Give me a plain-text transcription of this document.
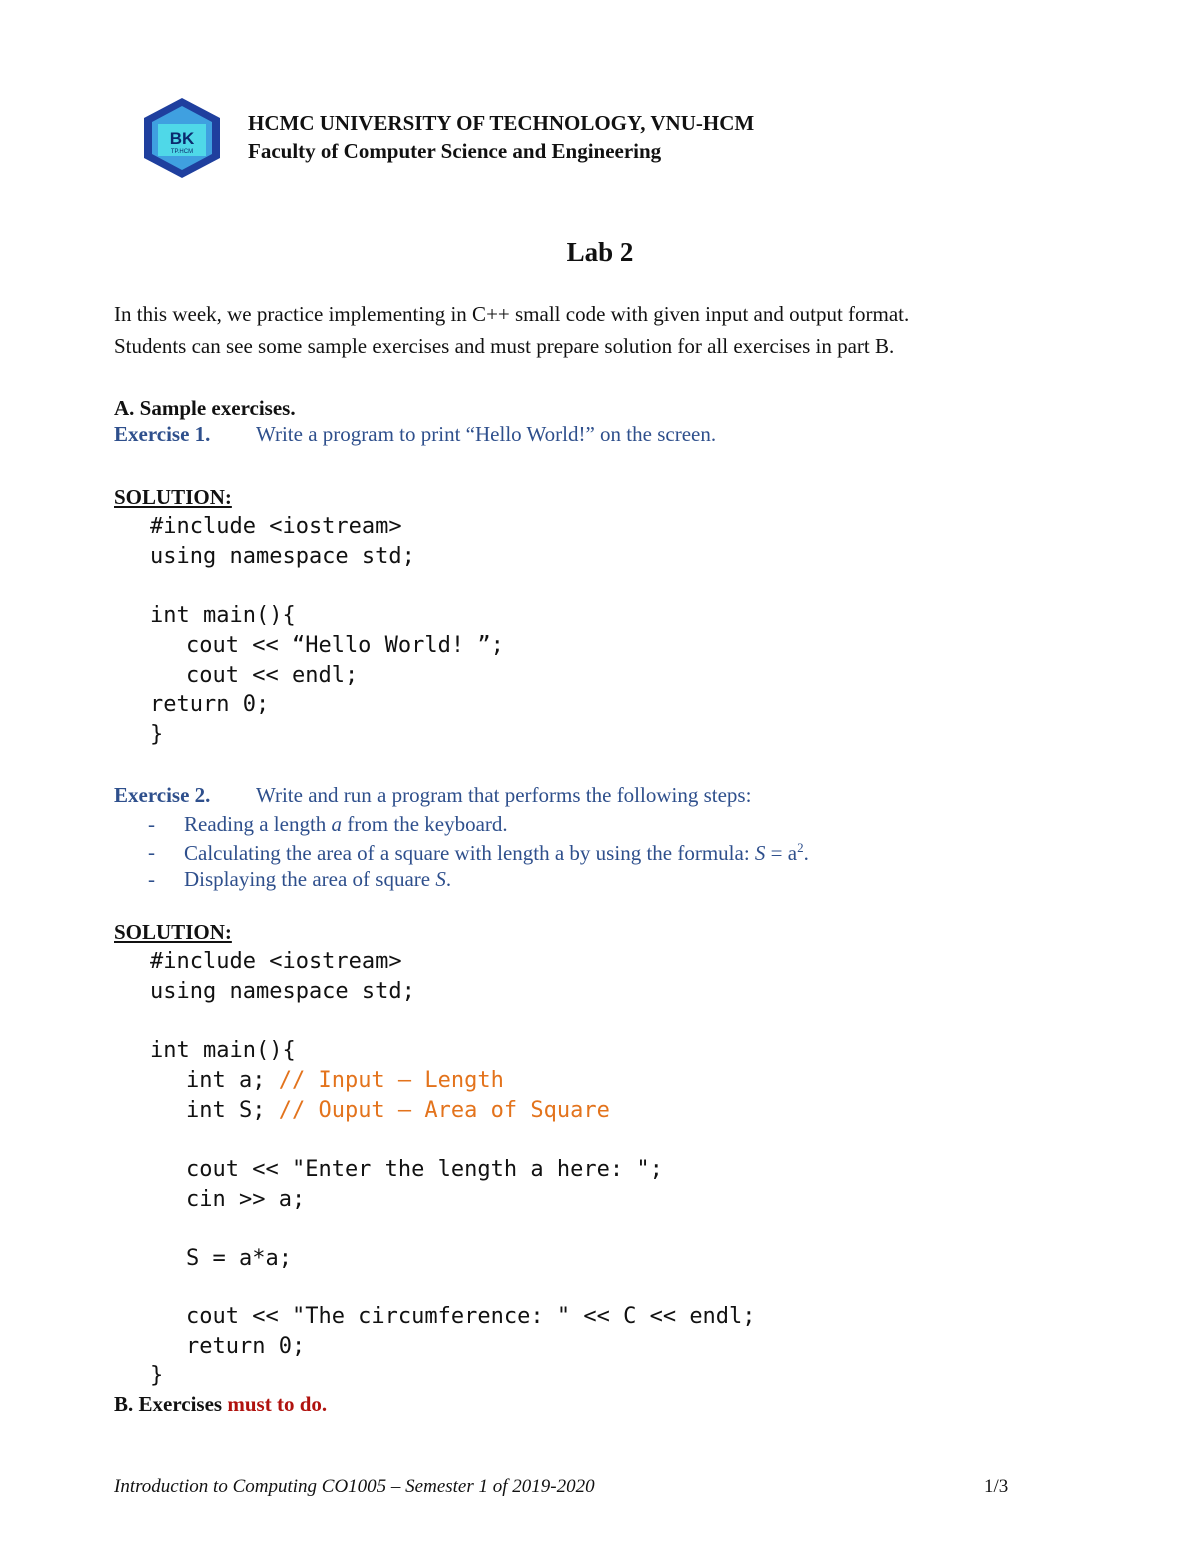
BK
TP.HCM
HCMC UNIVERSITY OF TECHNOLOGY, VNU-HCM
Faculty of Computer Science and Engineering
Lab 2
In this week, we practice implementing in C++ small code with given input and output format.
Students can see some sample exercises and must prepare solution for all exercises in part B.
A. Sample exercises.
Exercise 1. Write a program to print “Hello World!” on the screen.
SOLUTION:
#include <iostream>
using namespace std;
int main(){
cout << “Hello World! ”;
cout << endl;
return 0;
}
Exercise 2. Write and run a program that performs the following steps:
- Reading a length a from the keyboard.
- Calculating the area of a square with length a by using the formula: $S = a^2$.
- Displaying the area of square S.
SOLUTION:
#include <iostream>
using namespace std;
int main(){
int a; // Input – Length
int S; // Ouput – Area of Square
cout << "Enter the length a here: ";
cin >> a;
S = a*a;
cout << "The circumference: " << C << endl;
return 0;
}
B. Exercises must to do.
Introduction to Computing CO1005 – Semester 1 of 2019-2020	1/3
